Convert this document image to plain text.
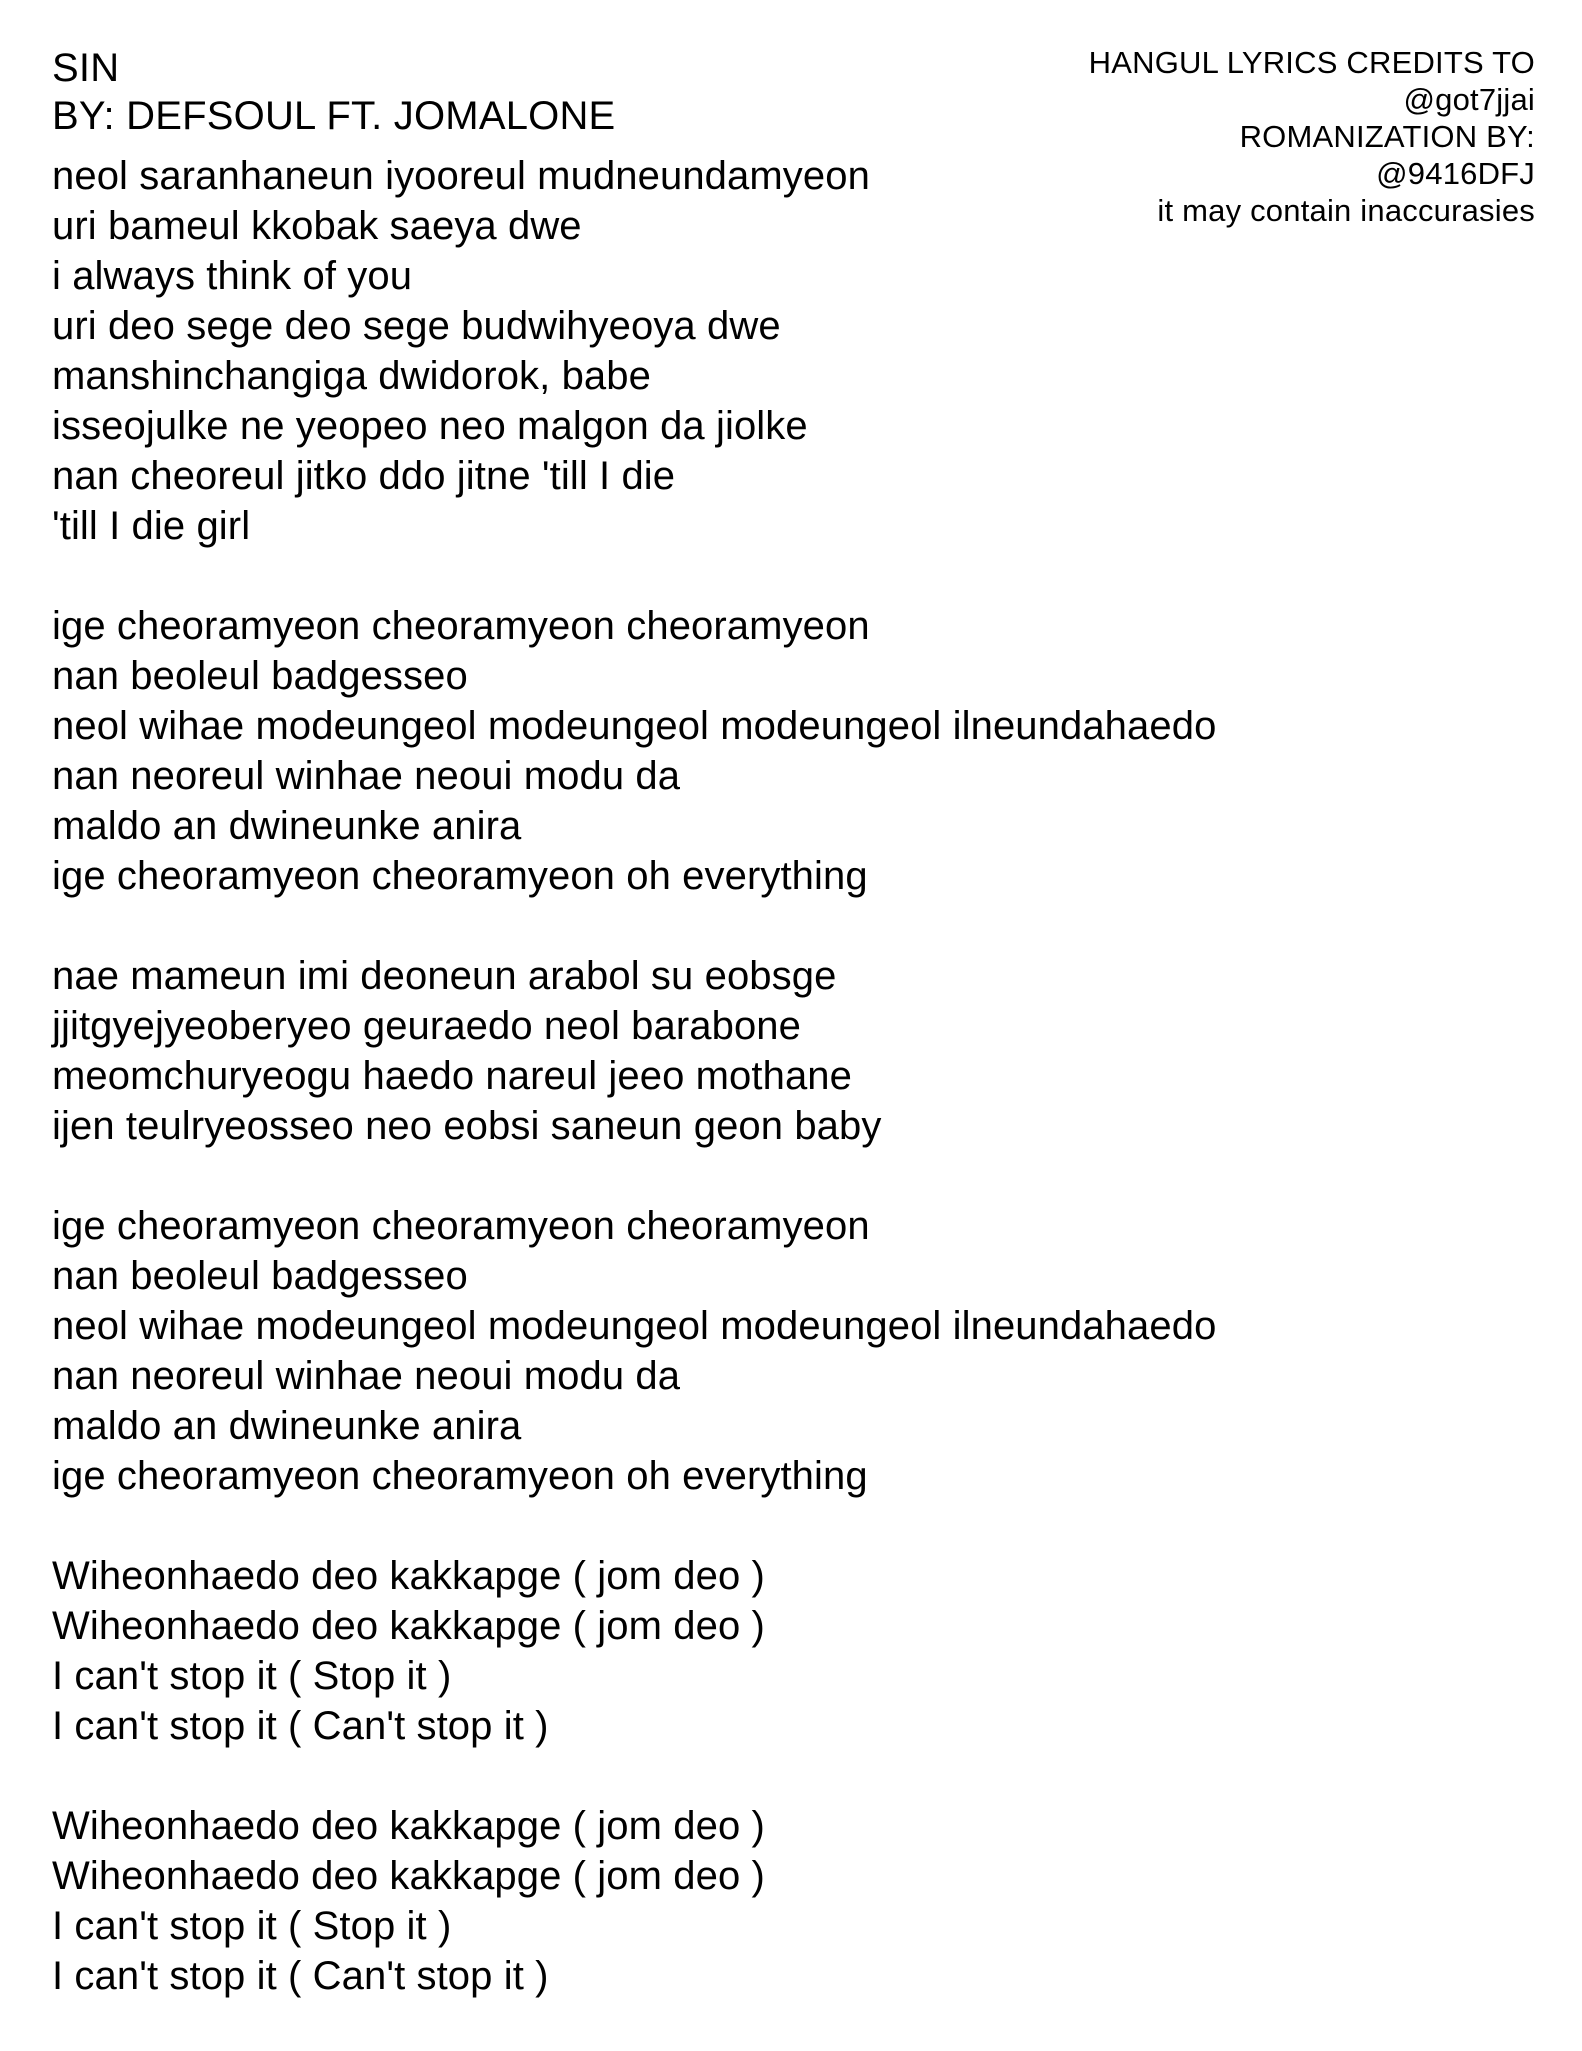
SIN
BY: DEFSOUL FT. JOMALONE
HANGUL LYRICS CREDITS TO
@got7jjai
ROMANIZATION BY:
@9416DFJ
it may contain inaccurasies
neol saranhaneun iyooreul mudneundamyeon
uri bameul kkobak saeya dwe
i always think of you
uri deo sege deo sege budwihyeoya dwe
manshinchangiga dwidorok, babe
isseojulke ne yeopeo neo malgon da jiolke
nan cheoreul jitko ddo jitne 'till I die
'till I die girl
ige cheoramyeon cheoramyeon cheoramyeon
nan beoleul badgesseo
neol wihae modeungeol modeungeol modeungeol ilneundahaedo
nan neoreul winhae neoui modu da
maldo an dwineunke anira
ige cheoramyeon cheoramyeon oh everything
nae mameun imi deoneun arabol su eobsge
jjitgyejyeoberyeo geuraedo neol barabone
meomchuryeogu haedo nareul jeeo mothane
ijen teulryeosseo neo eobsi saneun geon baby
ige cheoramyeon cheoramyeon cheoramyeon
nan beoleul badgesseo
neol wihae modeungeol modeungeol modeungeol ilneundahaedo
nan neoreul winhae neoui modu da
maldo an dwineunke anira
ige cheoramyeon cheoramyeon oh everything
Wiheonhaedo deo kakkapge ( jom deo )
Wiheonhaedo deo kakkapge ( jom deo )
I can't stop it ( Stop it )
I can't stop it ( Can't stop it )
Wiheonhaedo deo kakkapge ( jom deo )
Wiheonhaedo deo kakkapge ( jom deo )
I can't stop it ( Stop it )
I can't stop it ( Can't stop it )
